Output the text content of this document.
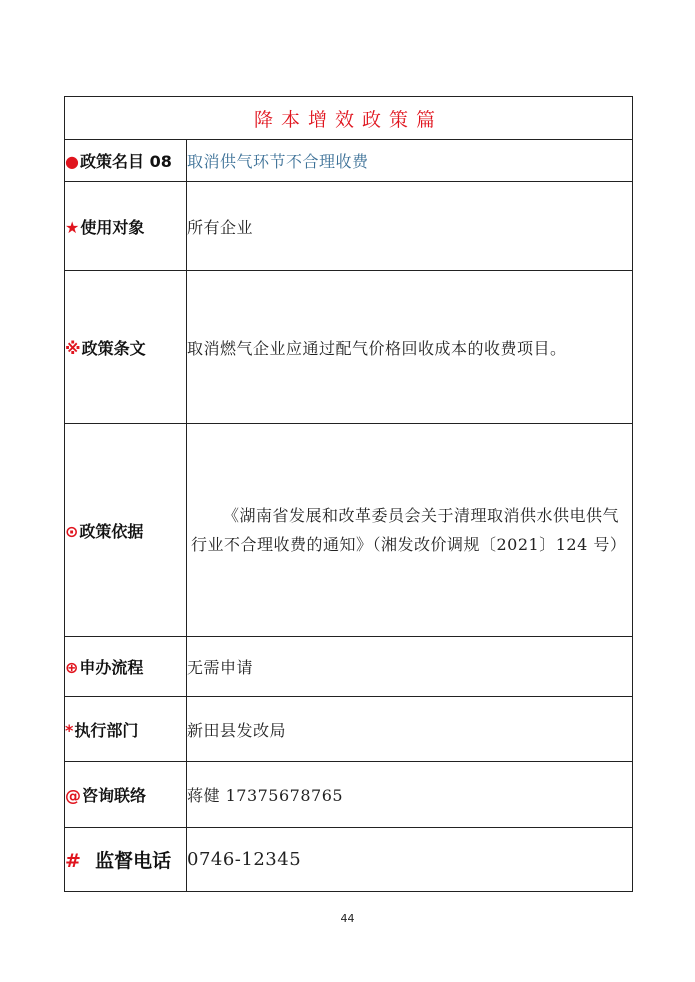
降本增效政策篇	
●政策名目 08	取消供气环节不合理收费
★使用对象	所有企业
※政策条文	取消燃气企业应通过配气价格回收成本的收费项目。
⊙政策依据	《湖南省发展和改革委员会关于清理取消供水供电供气行业不合理收费的通知》（湘发改价调规〔2021〕124 号）

⊕申办流程	无需申请
*执行部门	新田县发改局
@咨询联络	蒋健 17375678765
# 监督电话	0746-12345
44
